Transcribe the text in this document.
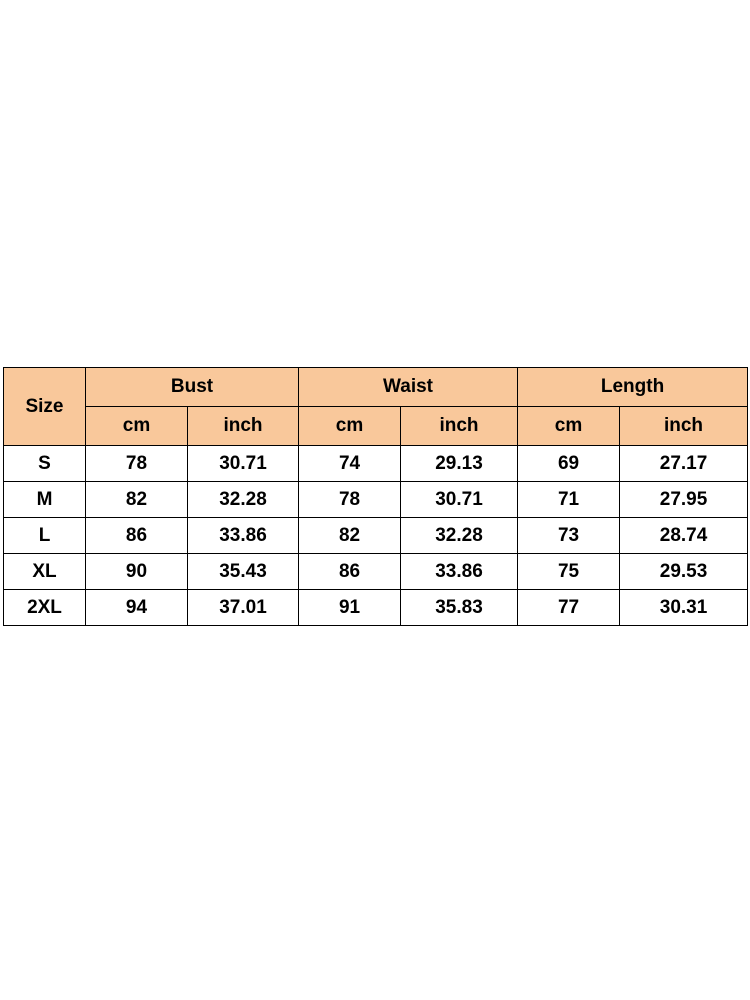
Size	Bust		Waist		Length	
	cm	inch	cm	inch	cm	inch
S	78	30.71	74	29.13	69	27.17
M	82	32.28	78	30.71	71	27.95
L	86	33.86	82	32.28	73	28.74
XL	90	35.43	86	33.86	75	29.53
2XL	94	37.01	91	35.83	77	30.31
